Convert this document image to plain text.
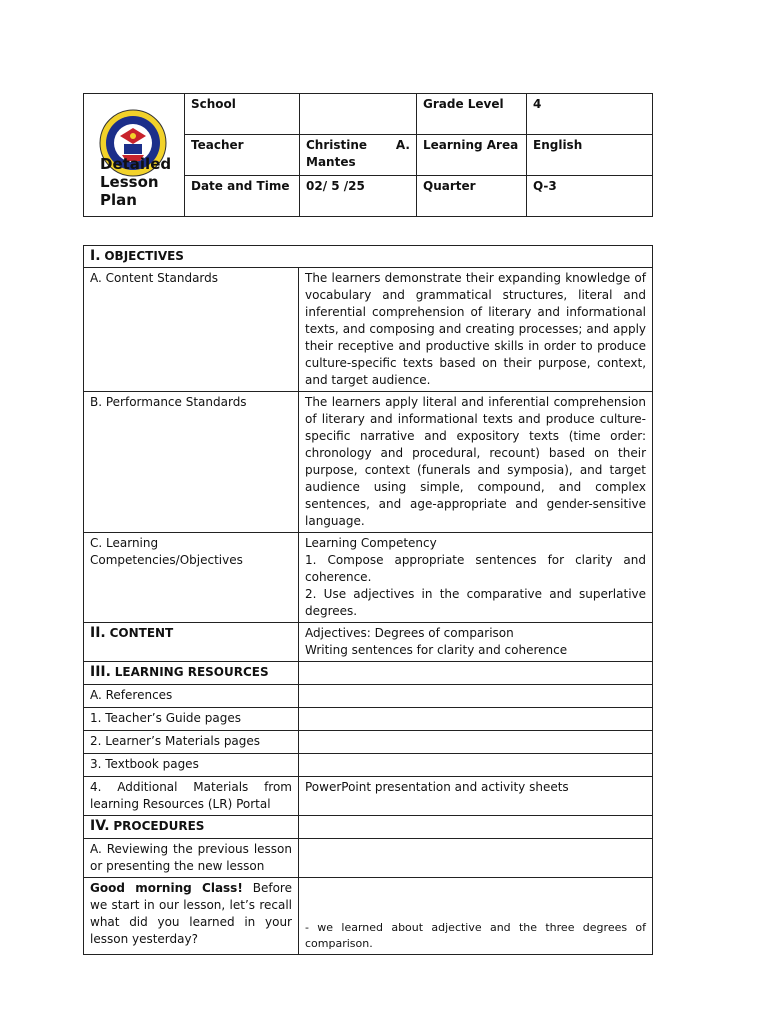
Detailed Lesson Plan	School		Grade Level	4
	Teacher	Christine A. Mantes	Learning Area	English
	Date and Time	02/ 5 /25	Quarter	Q-3
I. OBJECTIVES	
A. Content Standards	The learners demonstrate their expanding knowledge of vocabulary and grammatical structures, literal and inferential comprehension of literary and informational texts, and composing and creating processes; and apply their receptive and productive skills in order to produce culture-specific texts based on their purpose, context, and target audience.
B. Performance Standards	The learners apply literal and inferential comprehension of literary and informational texts and produce culture-specific narrative and expository texts (time order: chronology and procedural, recount) based on their purpose, context (funerals and symposia), and target audience using simple, compound, and complex sentences, and age-appropriate and gender-sensitive language.
C. Learning Competencies/Objectives	Learning Competency
1. Compose appropriate sentences for clarity and coherence.
2. Use adjectives in the comparative and superlative degrees.

II. CONTENT	Adjectives: Degrees of comparison
Writing sentences for clarity and coherence

III. LEARNING RESOURCES	
A. References	
1. Teacher’s Guide pages	
2. Learner’s Materials pages	
3. Textbook pages	
4. Additional Materials from learning Resources (LR) Portal	PowerPoint presentation and activity sheets
IV. PROCEDURES	
A. Reviewing the previous lesson or presenting the new lesson	
Good morning Class! Before we start in our lesson, let’s recall what did you learned in your lesson yesterday?	- we learned about adjective and the three degrees of comparison.
